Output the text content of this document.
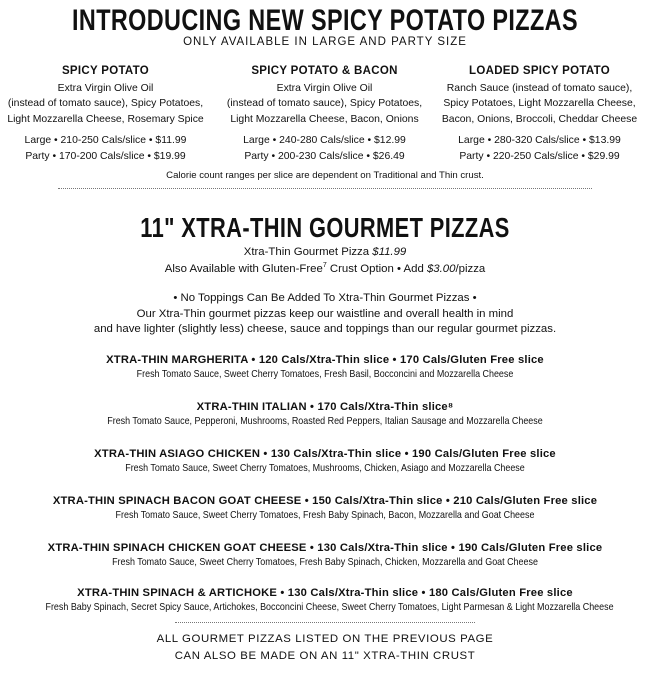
INTRODUCING NEW SPICY POTATO PIZZAS
ONLY AVAILABLE IN LARGE AND PARTY SIZE
SPICY POTATO
Extra Virgin Olive Oil
(instead of tomato sauce), Spicy Potatoes,
Light Mozzarella Cheese, Rosemary Spice
Large • 210-250 Cals/slice • $11.99
Party • 170-200 Cals/slice • $19.99
SPICY POTATO & BACON
Extra Virgin Olive Oil
(instead of tomato sauce), Spicy Potatoes,
Light Mozzarella Cheese, Bacon, Onions
Large • 240-280 Cals/slice • $12.99
Party • 200-230 Cals/slice • $26.49
LOADED SPICY POTATO
Ranch Sauce (instead of tomato sauce),
Spicy Potatoes, Light Mozzarella Cheese,
Bacon, Onions, Broccoli, Cheddar Cheese
Large • 280-320 Cals/slice • $13.99
Party • 220-250 Cals/slice • $29.99
Calorie count ranges per slice are dependent on Traditional and Thin crust.
11" XTRA-THIN GOURMET PIZZAS
Xtra-Thin Gourmet Pizza $11.99
Also Available with Gluten-Free$^7$ Crust Option • Add $3.00/pizza
• No Toppings Can Be Added To Xtra-Thin Gourmet Pizzas •
Our Xtra-Thin gourmet pizzas keep our waistline and overall health in mind
and have lighter (slightly less) cheese, sauce and toppings than our regular gourmet pizzas.
XTRA-THIN MARGHERITA • 120 Cals/Xtra-Thin slice • 170 Cals/Gluten Free slice
Fresh Tomato Sauce, Sweet Cherry Tomatoes, Fresh Basil, Bocconcini and Mozzarella Cheese
XTRA-THIN ITALIAN • 170 Cals/Xtra-Thin slice⁸
Fresh Tomato Sauce, Pepperoni, Mushrooms, Roasted Red Peppers, Italian Sausage and Mozzarella Cheese
XTRA-THIN ASIAGO CHICKEN • 130 Cals/Xtra-Thin slice • 190 Cals/Gluten Free slice
Fresh Tomato Sauce, Sweet Cherry Tomatoes, Mushrooms, Chicken, Asiago and Mozzarella Cheese
XTRA-THIN SPINACH BACON GOAT CHEESE • 150 Cals/Xtra-Thin slice • 210 Cals/Gluten Free slice
Fresh Tomato Sauce, Sweet Cherry Tomatoes, Fresh Baby Spinach, Bacon, Mozzarella and Goat Cheese
XTRA-THIN SPINACH CHICKEN GOAT CHEESE • 130 Cals/Xtra-Thin slice • 190 Cals/Gluten Free slice
Fresh Tomato Sauce, Sweet Cherry Tomatoes, Fresh Baby Spinach, Chicken, Mozzarella and Goat Cheese
XTRA-THIN SPINACH & ARTICHOKE • 130 Cals/Xtra-Thin slice • 180 Cals/Gluten Free slice
Fresh Baby Spinach, Secret Spicy Sauce, Artichokes, Bocconcini Cheese, Sweet Cherry Tomatoes, Light Parmesan & Light Mozzarella Cheese
ALL GOURMET PIZZAS LISTED ON THE PREVIOUS PAGE
CAN ALSO BE MADE ON AN 11" XTRA-THIN CRUST
